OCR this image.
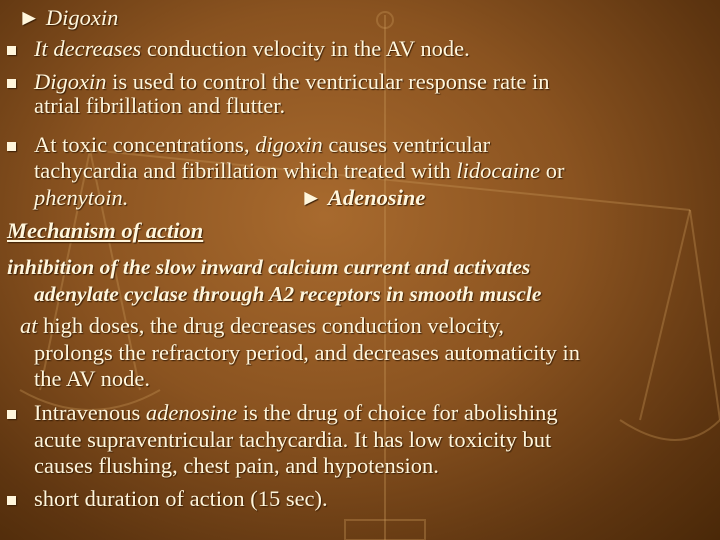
► Digoxin
It decreases conduction velocity in the AV node.
Digoxin is used to control the ventricular response rate in
atrial fibrillation and flutter.
At toxic concentrations, digoxin causes ventricular
tachycardia and fibrillation which treated with lidocaine or
phenytoin.	► Adenosine
Mechanism of action
inhibition of the slow inward calcium current and activates
adenylate cyclase through A2 receptors in smooth muscle
at high doses, the drug decreases conduction velocity,
prolongs the refractory period, and decreases automaticity in
the AV node.
Intravenous adenosine is the drug of choice for abolishing
acute supraventricular tachycardia. It has low toxicity but
causes flushing, chest pain, and hypotension.
short duration of action (15 sec).
